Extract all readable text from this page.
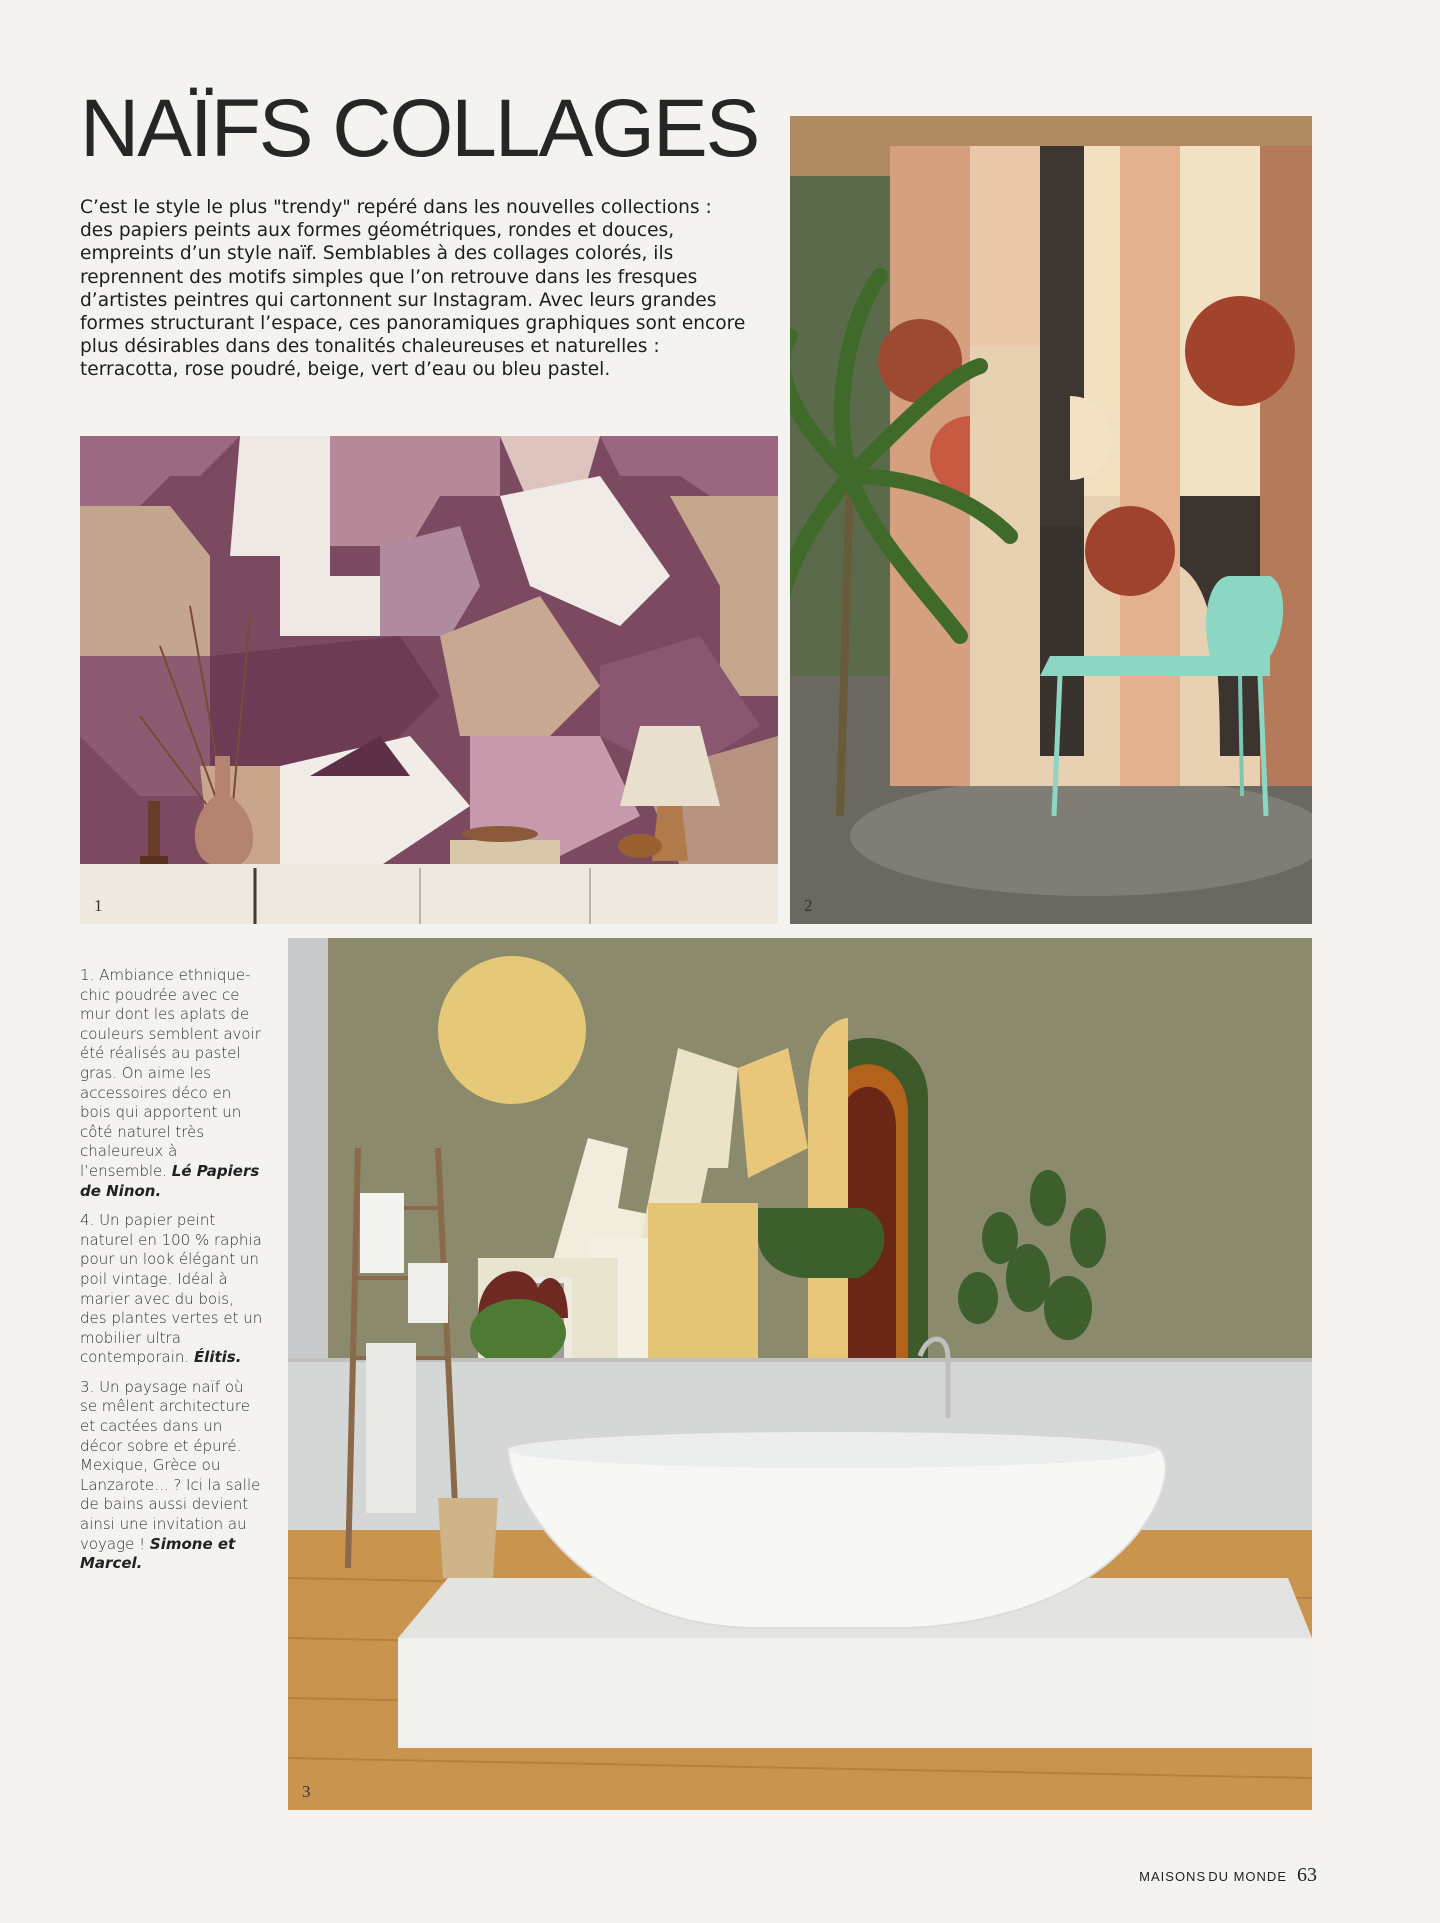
NAÏFS COLLAGES

C’est le style le plus "trendy" repéré dans les nouvelles collections : des papiers peints aux formes géométriques, rondes et douces, empreints d’un style naïf. Semblables à des collages colorés, ils reprennent des motifs simples que l’on retrouve dans les fresques d’artistes peintres qui cartonnent sur Instagram. Avec leurs grandes formes structurant l’espace, ces panoramiques graphiques sont encore plus désirables dans des tonalités chaleureuses et naturelles : terracotta, rose poudré, beige, vert d’eau ou bleu pastel.

1	2

1. Ambiance ethnique-chic poudrée avec ce mur dont les aplats de couleurs semblent avoir été réalisés au pastel gras. On aime les accessoires déco en bois qui apportent un côté naturel très chaleureux à l’ensemble. Lé Papiers de Ninon.

4. Un papier peint naturel en 100 % raphia pour un look élégant un poil vintage. Idéal à marier avec du bois, des plantes vertes et un mobilier ultra contemporain. Élitis.

3. Un paysage naïf où se mêlent architecture et cactées dans un décor sobre et épuré. Mexique, Grèce ou Lanzarote... ? Ici la salle de bains aussi devient ainsi une invitation au voyage ! Simone et Marcel.

3
MAISONS  DU MONDE 63
